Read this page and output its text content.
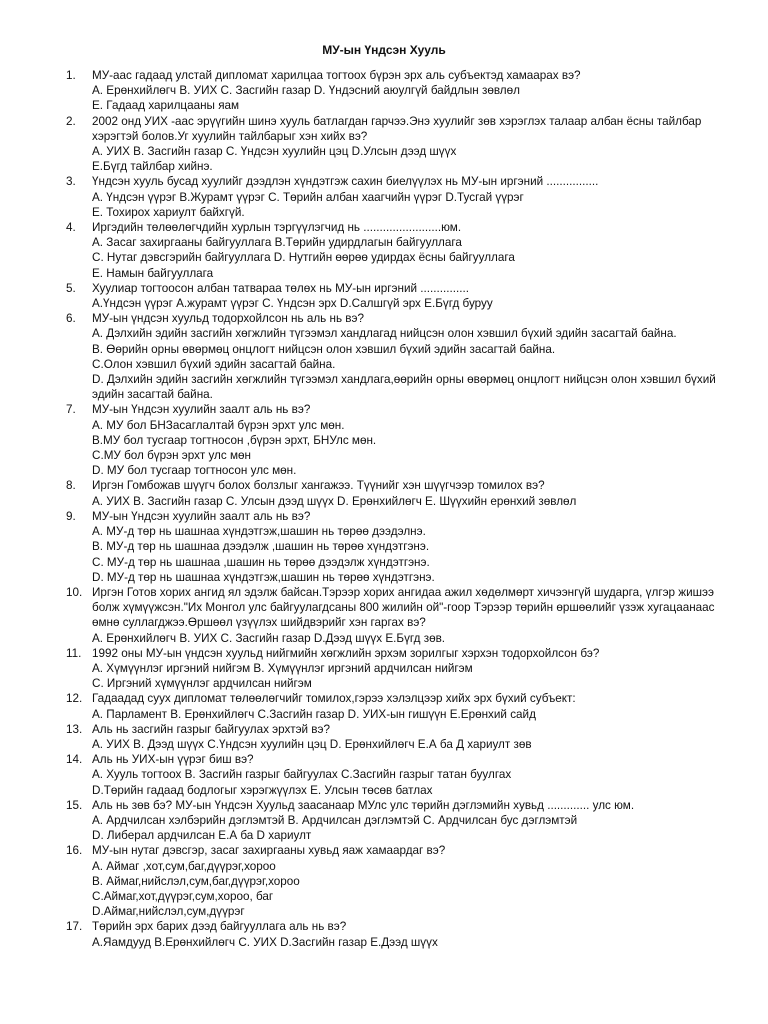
МУ-ын Үндсэн Хууль
1.	МУ-аас гадаад улстай дипломат харилцаа тогтоох бүрэн эрх аль субъектэд хамаарах вэ?
А. Ерөнхийлөгч В. УИХ С. Засгийн газар D. Үндэсний аюулгүй байдлын зөвлөл
Е. Гадаад харилцааны яам
2.	2002 онд УИХ -аас эрүүгийн шинэ хууль батлагдан гарчээ.Энэ хуулийг зөв хэрэглэх талаар албан ёсны тайлбар хэрэгтэй болов.Уг хуулийн тайлбарыг хэн хийх вэ?
А. УИХ В. Засгийн газар С. Үндсэн хуулийн цэц D.Улсын дээд шүүх
Е.Бүгд тайлбар хийнэ.
3.	Үндсэн хууль бусад хуулийг дээдлэн хүндэтгэж сахин биелүүлэх нь МУ-ын иргэний ................
А. Үндсэн үүрэг В.Журамт үүрэг С. Төрийн албан хаагчийн үүрэг D.Тусгай үүрэг
Е. Тохирох хариулт байхгүй.
4.	Иргэдийн төлөөлөгчдийн хурлын тэргүүлэгчид нь ........................юм.
А. Засаг захиргааны байгууллага В.Төрийн удирдлагын байгууллага
С. Нутаг дэвсгэрийн байгууллага D. Нутгийн өөрөө удирдах ёсны байгууллага
Е. Намын байгууллага
5.	Хуулиар тогтоосон албан татвараа төлөх нь МУ-ын иргэний ...............
А.Үндсэн үүрэг А.журамт үүрэг С. Үндсэн эрх D.Салшгүй эрх Е.Бүгд буруу
6.	МУ-ын үндсэн хуульд тодорхойлсон нь аль нь вэ?
А. Дэлхийн эдийн засгийн хөгжлийн түгээмэл хандлагад нийцсэн олон хэвшил бүхий эдийн засагтай байна.
В. Өөрийн орны өвөрмөц онцлогт нийцсэн олон хэвшил бүхий эдийн засагтай байна.
С.Олон хэвшил бүхий эдийн засагтай байна.
D. Дэлхийн эдийн засгийн хөгжлийн түгээмэл хандлага,өөрийн орны өвөрмөц онцлогт нийцсэн олон хэвшил бүхий эдийн засагтай байна.
7.	МУ-ын Үндсэн хуулийн заалт аль нь вэ?
А. МУ бол БНЗасаглалтай бүрэн эрхт улс мөн.
В.МУ бол тусгаар тогтносон ,бүрэн эрхт, БНУлс мөн.
С.МУ бол бүрэн эрхт улс мөн
D. МУ бол тусгаар тогтносон улс мөн.
8.	Иргэн Гомбожав шүүгч болох болзлыг хангажээ. Түүнийг хэн шүүгчээр томилох вэ?
А. УИХ В. Засгийн газар С. Улсын дээд шүүх D. Ерөнхийлөгч Е. Шүүхийн ерөнхий зөвлөл
9.	МУ-ын Үндсэн хуулийн заалт аль нь вэ?
А. МУ-д төр нь шашнаа хүндэтгэж,шашин нь төрөө дээдэлнэ.
В. МУ-д төр нь шашнаа дээдэлж ,шашин нь төрөө хүндэтгэнэ.
С. МУ-д төр нь шашнаа ,шашин нь төрөө дээдэлж хүндэтгэнэ.
D. МУ-д төр нь шашнаа хүндэтгэж,шашин нь төрөө хүндэтгэнэ.
10. Иргэн Готов хорих ангид ял эдэлж байсан.Тэрээр хорих ангидаа ажил хөдөлмөрт хичээнгүй шударга, үлгэр жишээ болж хүмүүжсэн."Их Монгол улс байгуулагдсаны 800 жилийн ой"-гоор Тэрээр төрийн өршөөлийг үзэж хугацаанаас өмнө суллагджээ.Өршөөл үзүүлэх шийдвэрийг хэн гаргах вэ?
А. Ерөнхийлөгч В. УИХ С. Засгийн газар D.Дээд шүүх Е.Бүгд зөв.
11. 1992 оны МУ-ын үндсэн хуульд нийгмийн хөгжлийн эрхэм зорилгыг хэрхэн тодорхойлсон бэ?
А. Хүмүүнлэг иргэний нийгэм В. Хүмүүнлэг иргэний ардчилсан нийгэм
С. Иргэний хүмүүнлэг ардчилсан нийгэм
12. Гадаадад суух дипломат төлөөлөгчийг томилох,гэрээ хэлэлцээр хийх эрх бүхий субъект:
А. Парламент В. Ерөнхийлөгч С.Засгийн газар D. УИХ-ын гишүүн Е.Ерөнхий сайд
13. Аль нь засгийн газрыг байгуулах эрхтэй вэ?
А. УИХ В. Дээд шүүх С.Үндсэн хуулийн цэц D. Ерөнхийлөгч Е.А ба Д хариулт зөв
14. Аль нь УИХ-ын үүрэг биш вэ?
А. Хууль тогтоох В. Засгийн газрыг байгуулах С.Засгийн газрыг татан буулгах
D.Төрийн гадаад бодлогыг хэрэгжүүлэх Е. Улсын төсөв батлах
15. Аль нь зөв бэ? МУ-ын Үндсэн Хуульд заасанаар МУлс улс төрийн дэглэмийн хувьд ............. улс юм.
А. Ардчилсан хэлбэрийн дэглэмтэй В. Ардчилсан дэглэмтэй С. Ардчилсан бус дэглэмтэй
D. Либерал ардчилсан Е.А ба D хариулт
16. МУ-ын нутаг дэвсгэр, засаг захиргааны хувьд яаж хамаардаг вэ?
А. Аймаг ,хот,сум,баг,дүүрэг,хороо
В. Аймаг,нийслэл,сум,баг,дүүрэг,хороо
С.Аймаг,хот,дүүрэг,сум,хороо, баг
D.Аймаг,нийслэл,сум,дүүрэг
17. Төрийн эрх барих дээд байгууллага аль нь вэ?
А.Яамдууд В.Ерөнхийлөгч С. УИХ D.Засгийн газар Е.Дээд шүүх
